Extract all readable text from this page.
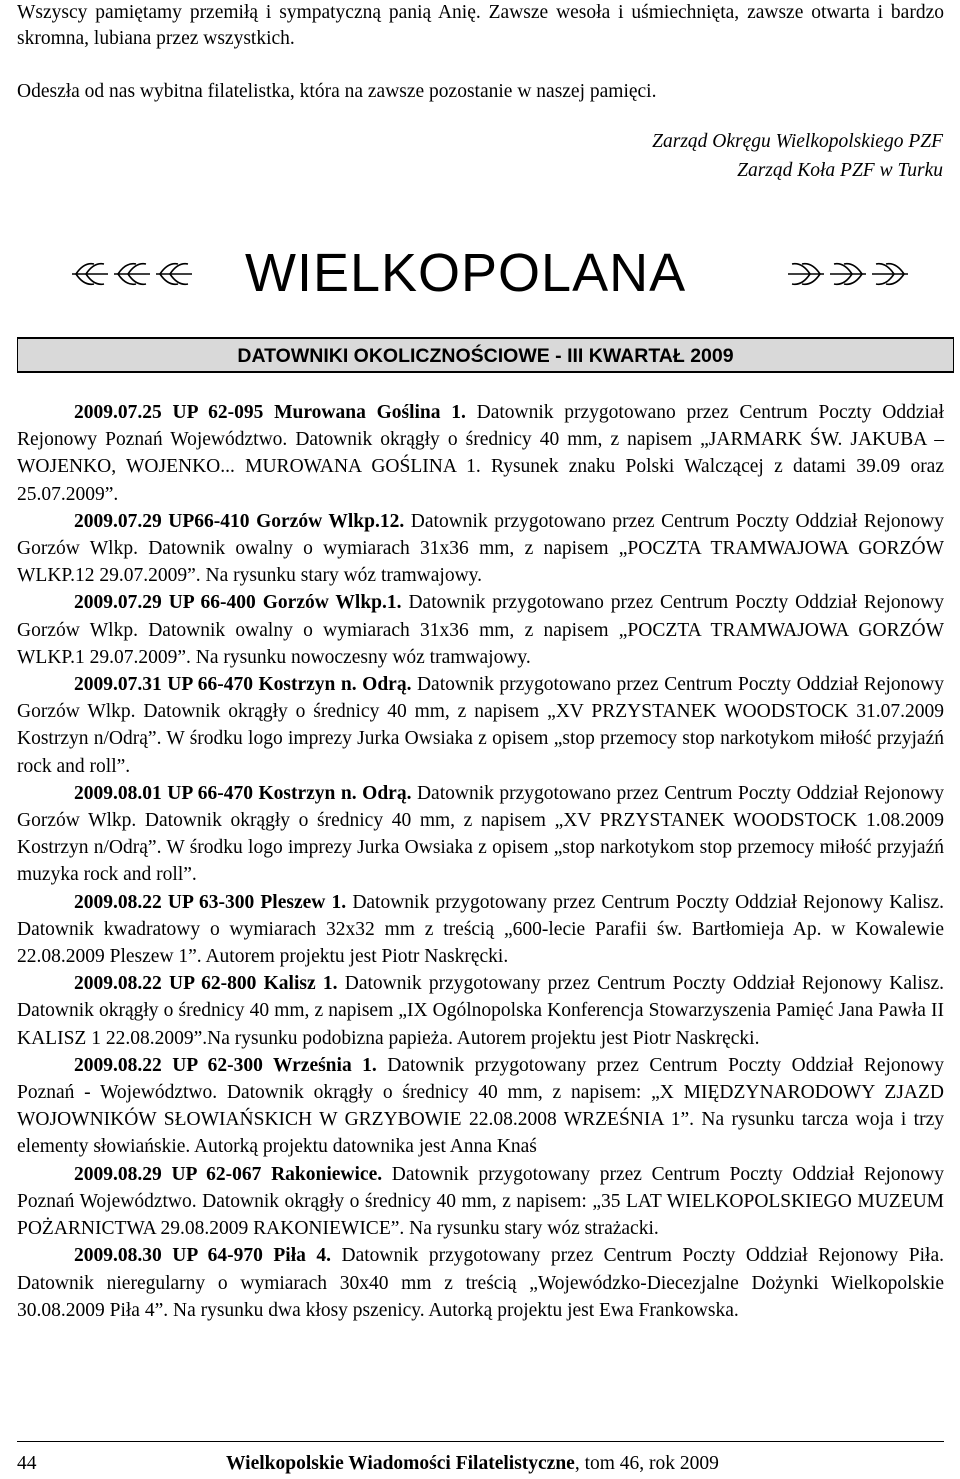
Wszyscy pamiętamy przemiłą i sympatyczną panią Anię. Zawsze wesoła i uśmiechnięta, zawsze otwarta i bardzo skromna, lubiana przez wszystkich.

Odeszła od nas wybitna filatelistka, która na zawsze pozostanie w naszej pamięci.

Zarząd Okręgu Wielkopolskiego PZF
Zarząd Koła PZF w Turku
WIELKOPOLANA
DATOWNIKI OKOLICZNOŚCIOWE - III KWARTAŁ 2009

2009.07.25 UP 62-095 Murowana Goślina 1. Datownik przygotowano przez Centrum Poczty Oddział Rejonowy Poznań Województwo. Datownik okrągły o średnicy 40 mm, z napisem „JARMARK ŚW. JAKUBA – WOJENKO, WOJENKO... MUROWANA GOŚLINA 1. Rysunek znaku Polski Walczącej z datami 39.09 oraz 25.07.2009”.

2009.07.29 UP66-410 Gorzów Wlkp.12. Datownik przygotowano przez Centrum Poczty Oddział Rejonowy Gorzów Wlkp. Datownik owalny o wymiarach 31x36 mm, z napisem „POCZTA TRAMWAJOWA GORZÓW WLKP.12 29.07.2009”. Na rysunku stary wóz tramwajowy.

2009.07.29 UP 66-400 Gorzów Wlkp.1. Datownik przygotowano przez Centrum Poczty Oddział Rejonowy Gorzów Wlkp. Datownik owalny o wymiarach 31x36 mm, z napisem „POCZTA TRAMWAJOWA GORZÓW WLKP.1 29.07.2009”. Na rysunku nowoczesny wóz tramwajowy.

2009.07.31 UP 66-470 Kostrzyn n. Odrą. Datownik przygotowano przez Centrum Poczty Oddział Rejonowy Gorzów Wlkp. Datownik okrągły o średnicy 40 mm, z napisem „XV PRZYSTANEK WOODSTOCK 31.07.2009 Kostrzyn n/Odrą”. W środku logo imprezy Jurka Owsiaka z opisem „stop przemocy stop narkotykom miłość przyjaźń rock and roll”.

2009.08.01 UP 66-470 Kostrzyn n. Odrą. Datownik przygotowano przez Centrum Poczty Oddział Rejonowy Gorzów Wlkp. Datownik okrągły o średnicy 40 mm, z napisem „XV PRZYSTANEK WOODSTOCK 1.08.2009 Kostrzyn n/Odrą”. W środku logo imprezy Jurka Owsiaka z opisem „stop narkotykom stop przemocy miłość przyjaźń muzyka rock and roll”.

2009.08.22 UP 63-300 Pleszew 1. Datownik przygotowany przez Centrum Poczty Oddział Rejonowy Kalisz. Datownik kwadratowy o wymiarach 32x32 mm z treścią „600-lecie Parafii św. Bartłomieja Ap. w Kowalewie 22.08.2009 Pleszew 1”. Autorem projektu jest Piotr Naskręcki.

2009.08.22 UP 62-800 Kalisz 1. Datownik przygotowany przez Centrum Poczty Oddział Rejonowy Kalisz. Datownik okrągły o średnicy 40 mm, z napisem „IX Ogólnopolska Konferencja Stowarzyszenia Pamięć Jana Pawła II KALISZ 1 22.08.2009”.Na rysunku podobizna papieża. Autorem projektu jest Piotr Naskręcki.

2009.08.22 UP 62-300 Września 1. Datownik przygotowany przez Centrum Poczty Oddział Rejonowy Poznań - Województwo. Datownik okrągły o średnicy 40 mm, z napisem: „X MIĘDZYNARODOWY ZJAZD WOJOWNIKÓW SŁOWIAŃSKICH W GRZYBOWIE 22.08.2008 WRZEŚNIA 1”. Na rysunku tarcza woja i trzy elementy słowiańskie. Autorką projektu datownika jest Anna Knaś

2009.08.29 UP 62-067 Rakoniewice. Datownik przygotowany przez Centrum Poczty Oddział Rejonowy Poznań Województwo. Datownik okrągły o średnicy 40 mm, z napisem: „35 LAT WIELKOPOLSKIEGO MUZEUM POŻARNICTWA 29.08.2009 RAKONIEWICE”. Na rysunku stary wóz strażacki.

2009.08.30 UP 64-970 Piła 4. Datownik przygotowany przez Centrum Poczty Oddział Rejonowy Piła. Datownik nieregularny o wymiarach 30x40 mm z treścią „Wojewódzko-Diecezjalne Dożynki Wielkopolskie 30.08.2009 Piła 4”. Na rysunku dwa kłosy pszenicy. Autorką projektu jest Ewa Frankowska.

44	Wielkopolskie Wiadomości Filatelistyczne, tom 46, rok 2009
